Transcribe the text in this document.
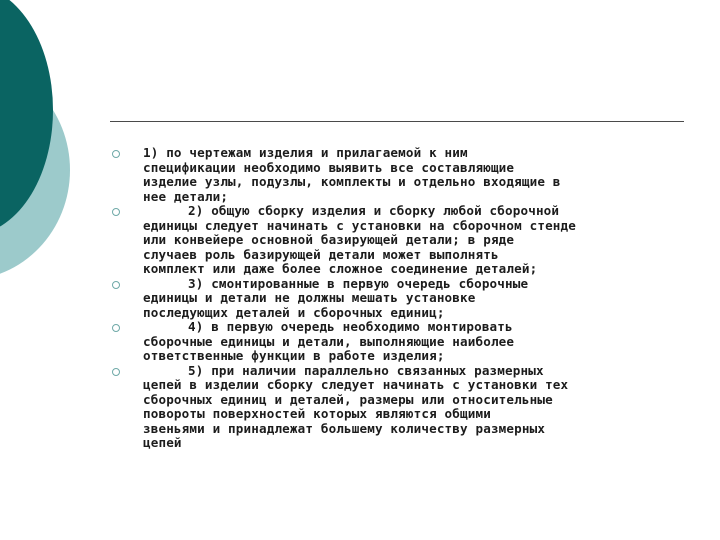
1) по чертежам изделия и прилагаемой к ним
спецификации необходимо выявить все составляющие
изделие узлы, подузлы, комплекты и отдельно входящие в
нее детали;
2) общую сборку изделия и сборку любой сборочной
единицы следует начинать с установки на сборочном стенде
или конвейере основной базирующей детали; в ряде
случаев роль базирующей детали может выполнять
комплект или даже более сложное соединение деталей;
3) смонтированные в первую очередь сборочные
единицы и детали не должны мешать установке
последующих деталей и сборочных единиц;
4) в первую очередь необходимо монтировать
сборочные единицы и детали, выполняющие наиболее
ответственные функции в работе изделия;
5) при наличии параллельно связанных размерных
цепей в изделии сборку следует начинать с установки тех
сборочных единиц и деталей, размеры или относительные
повороты поверхностей которых являются общими
звеньями и принадлежат большему количеству размерных
цепей
